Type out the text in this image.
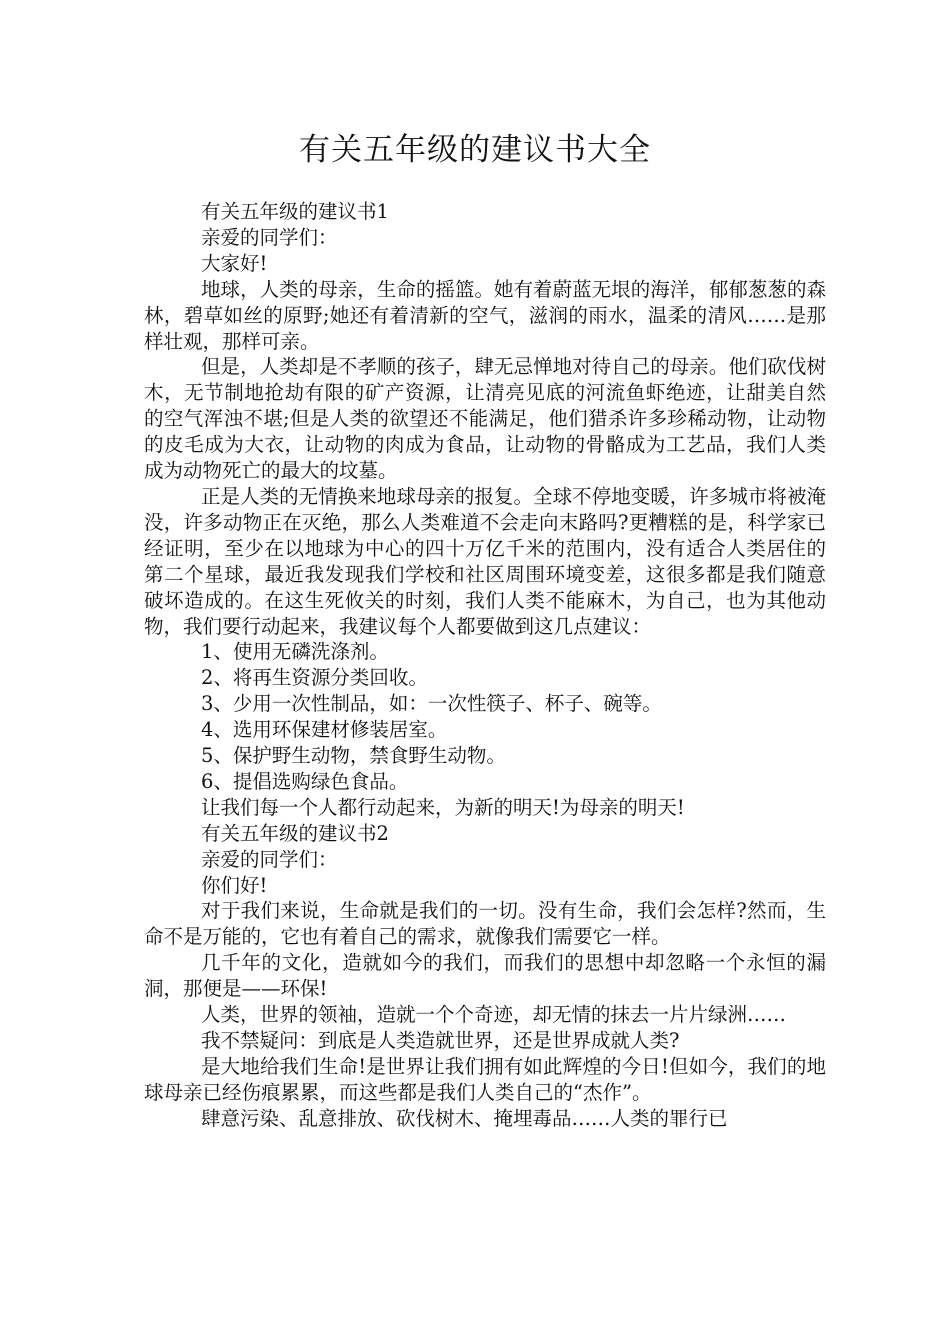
有关五年级的建议书大全

有关五年级的建议书1

亲爱的同学们：

大家好!

地球，人类的母亲，生命的摇篮。她有着蔚蓝无垠的海洋，郁郁葱葱的森林，碧草如丝的原野;她还有着清新的空气，滋润的雨水，温柔的清风……是那样壮观，那样可亲。

但是，人类却是不孝顺的孩子，肆无忌惮地对待自己的母亲。他们砍伐树木，无节制地抢劫有限的矿产资源，让清亮见底的河流鱼虾绝迹，让甜美自然的空气浑浊不堪;但是人类的欲望还不能满足，他们猎杀许多珍稀动物，让动物的皮毛成为大衣，让动物的肉成为食品，让动物的骨骼成为工艺品，我们人类成为动物死亡的最大的坟墓。

正是人类的无情换来地球母亲的报复。全球不停地变暖，许多城市将被淹没，许多动物正在灭绝，那么人类难道不会走向末路吗?更糟糕的是，科学家已经证明，至少在以地球为中心的四十万亿千米的范围内，没有适合人类居住的第二个星球，最近我发现我们学校和社区周围环境变差，这很多都是我们随意破坏造成的。在这生死攸关的时刻，我们人类不能麻木，为自己，也为其他动物，我们要行动起来，我建议每个人都要做到这几点建议：

1、使用无磷洗涤剂。

2、将再生资源分类回收。

3、少用一次性制品，如：一次性筷子、杯子、碗等。

4、选用环保建材修装居室。

5、保护野生动物，禁食野生动物。

6、提倡选购绿色食品。

让我们每一个人都行动起来，为新的明天!为母亲的明天!

有关五年级的建议书2

亲爱的同学们：

你们好!

对于我们来说，生命就是我们的一切。没有生命，我们会怎样?然而，生命不是万能的，它也有着自己的需求，就像我们需要它一样。

几千年的文化，造就如今的我们，而我们的思想中却忽略一个永恒的漏洞，那便是——环保!

人类，世界的领袖，造就一个个奇迹，却无情的抹去一片片绿洲……

我不禁疑问：到底是人类造就世界，还是世界成就人类?

是大地给我们生命!是世界让我们拥有如此辉煌的今日!但如今，我们的地球母亲已经伤痕累累，而这些都是我们人类自己的“杰作”。

肆意污染、乱意排放、砍伐树木、掩埋毒品……人类的罪行已
